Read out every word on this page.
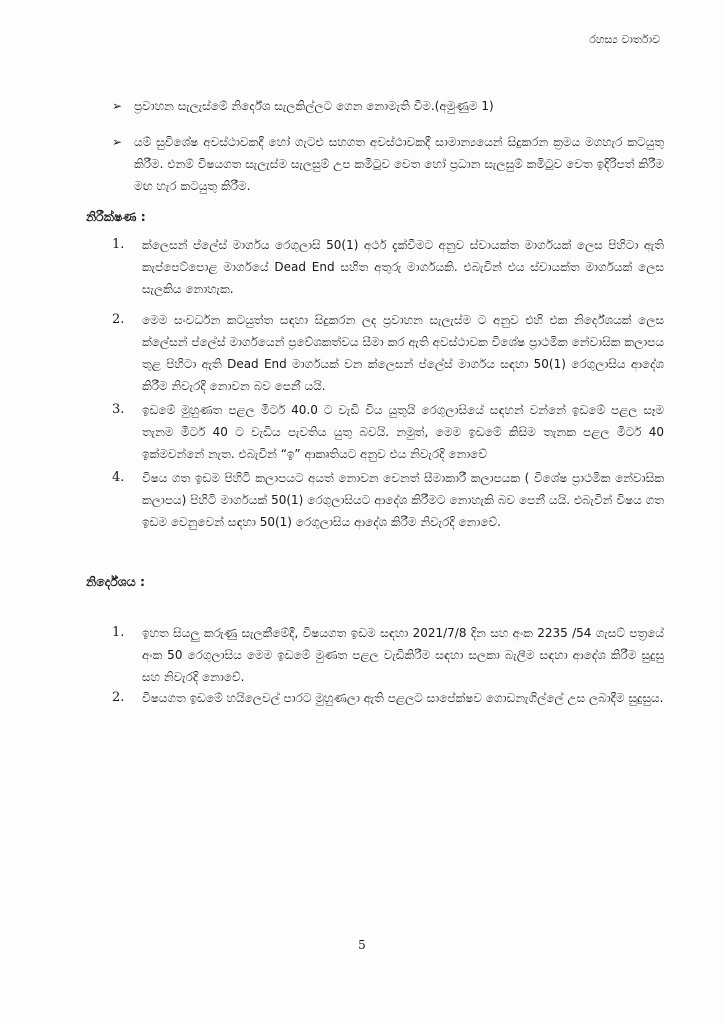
රහස්‍ය වාර්තාව
➢ ප්‍රවාහන සැලැස්මේ නිර්දේශ සැලකිල්ලට ගෙන නොමැති වීම.(අමුණුම 1)
➢ යම් සුවිශේෂ අවස්ථාවකදී හෝ ගැටළු සහගත අවස්ථාවකදී සාමාන්‍යයෙන් සිදුකරන ක්‍රමය මගහැර කටයුතු කිරීම. එනම් විෂයගත සැලැස්ම සැලසුම් උප කමිටුව වෙත හෝ ප්‍රධාන සැලසුම් කමිටුව වෙත ඉදිරිපත් කිරීම මඟ හැර කටයුතු කිරීම.
නිරීක්ෂණ :
1.	ක්ලෙසන් ප්ලේස් මාර්ගය රෙගුලාසි 50(1) අර්ථ දැක්වීමට අනුව ස්වායක්ත මාර්ගයක් ලෙස පිහිටා ඇති කැප්පෙට්පොළ මාර්ගයේ Dead End සහිත අතුරු මාර්ගයකි. එබැවින් එය ස්වායක්ත මාර්ගයක් ලෙස සැලකිය නොහැක.
2.	මෙම සංවර්ධන කටයුත්ත සඳහා සිදුකරන ලද ප්‍රවාහන සැලැස්ම ට අනුව එහි එක නිර්දේශයක් ලෙස ක්ලේසන් ප්ලේස් මාර්ගයෙන් ප්‍රවේශකත්වය සීමා කර ඇති අවස්ථාවක විශේෂ ප්‍රාථමික නේවාසික කලාපය තුළ පිහිටා ඇති Dead End මාර්ගයක් වන ක්ලෙසන් ප්ලේස් මාර්ගය සඳහා 50(1) රෙගුලාසිය ආදේශ කිරීම නිවැරදි නොවන බව පෙනී යයි.
3.	ඉඩමේ මුහුණත පළල මීටර් 40.0 ට වැඩි විය යුතුයි රෙගුලාසියේ සඳහන් වන්නේ ඉඩමේ පළල සෑම තැනම මීටර් 40 ට වැඩිය පැවතිය යුතු බවයි. නමුත්, මෙම ඉඩමේ කිසිම තැනක පළල මීටර් 40 ඉක්මවන්නේ නැත. එබැවින් “ඉ” ආකෘතියට අනුව එය නිවැරදි නොවේ
4.	විෂය ගත ඉඩම පිහිටි කලාපයට අයත් නොවන වෙනත් සීමාකාරී කලාපයක ( විශේෂ ප්‍රාථමික නේවාසික කලාපය) පිහිටි මාර්ගයක් 50(1) රෙගුලාසියට ආදේශ කිරීමට නොහැකි බව පෙනී යයි. එබැවින් විෂය ගත ඉඩම වෙනුවෙන් සඳහා 50(1) රෙගුලාසිය ආදේශ කිරීම නිවැරදි නොවේ.
නිර්දේශය :
1.	ඉහත සියලු කරුණු සැලකීමේදී, විෂයගත ඉඩම සඳහා 2021/7/8 දින සහ අංක 2235 /54 ගැසට් පත්‍රයේ අංක 50 රෙගුලාසිය මෙම ඉඩමේ මුණත පළල වැඩිකිරීම සඳහා සලකා බැලීම සඳහා ආදේශ කිරීම සුදුසු සහ නිවැරදි නොවේ.
2.	විෂයගත ඉඩමේ හයිලෙවල් පාරට මුහුණලා ඇති පළලට සාපේක්ෂව ගොඩනැගිල්ලේ උස ලබාදීම සුදුසුය.
5
